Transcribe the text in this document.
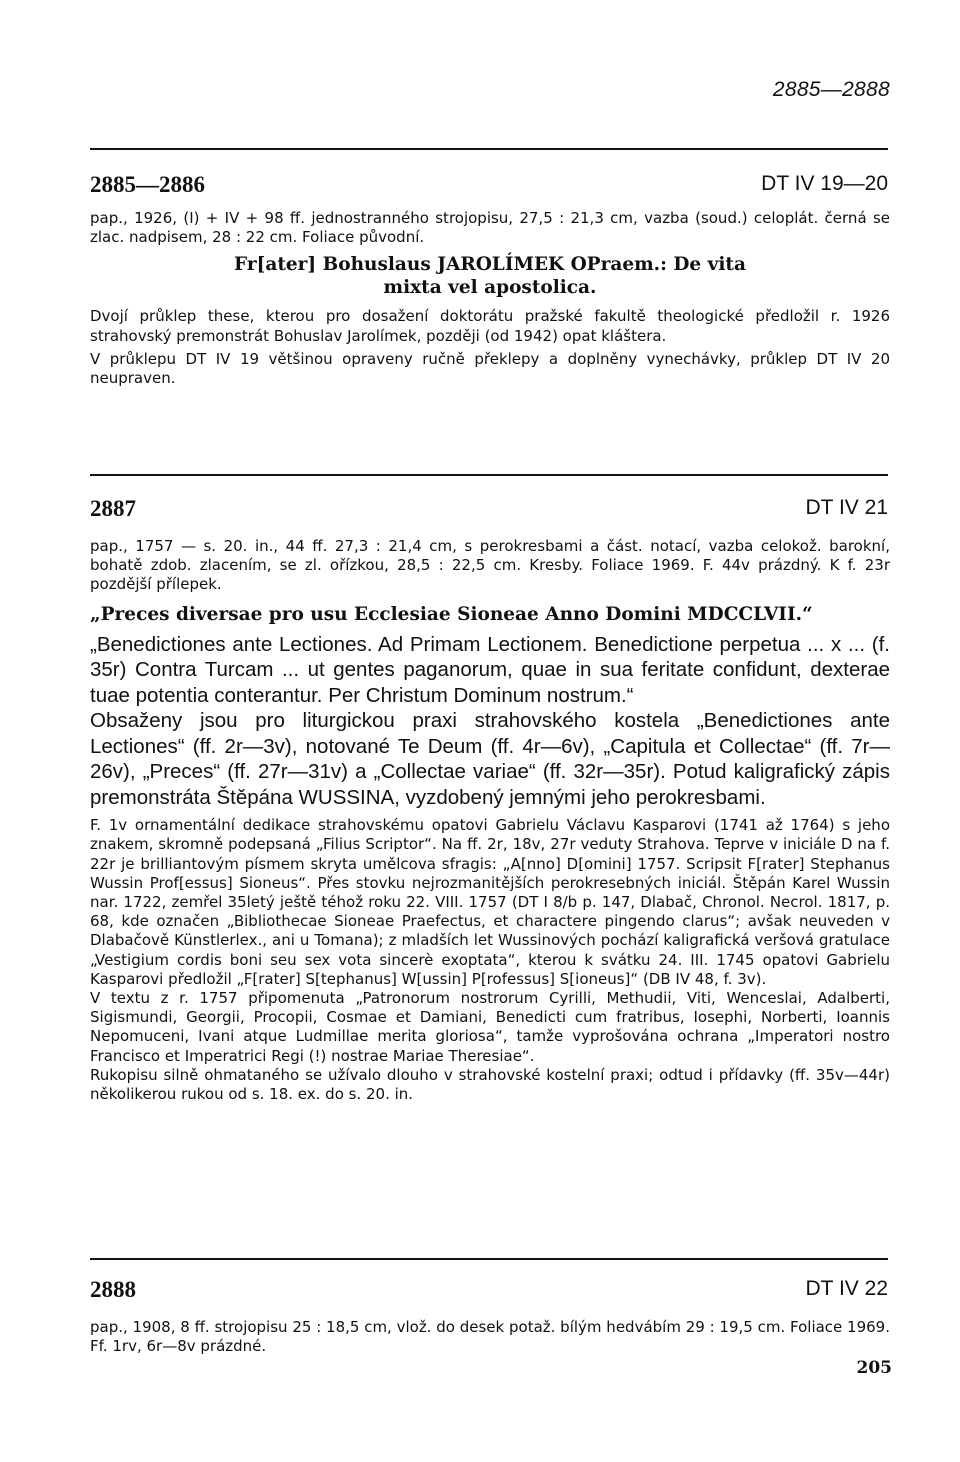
2885—2888
2885—2886	DT IV 19—20

pap., 1926, (I) + IV + 98 ff. jednostranného strojopisu, 27,5 : 21,3 cm, vazba (soud.) celoplát. černá se zlac. nadpisem, 28 : 22 cm. Foliace původní.

Fr[ater] Bohuslaus JAROLÍMEK OPraem.: De vita mixta vel apostolica.

Dvojí průklep these, kterou pro dosažení doktorátu pražské fakultě theologické předložil r. 1926 strahovský premonstrát Bohuslav Jarolímek, později (od 1942) opat kláštera.

V průklepu DT IV 19 většinou opraveny ručně překlepy a doplněny vynechávky, průklep DT IV 20 neupraven.

2887	DT IV 21

pap., 1757 — s. 20. in., 44 ff. 27,3 : 21,4 cm, s perokresbami a část. notací, vazba celokož. barokní, bohatě zdob. zlacením, se zl. ořízkou, 28,5 : 22,5 cm. Kresby. Foliace 1969. F. 44v prázdný. K f. 23r pozdější přílepek.

„Preces diversae pro usu Ecclesiae Sioneae Anno Domini MDCCLVII.“

„Benedictiones ante Lectiones. Ad Primam Lectionem. Benedictione perpetua ... x ... (f. 35r) Contra Turcam ... ut gentes paganorum, quae in sua feritate confidunt, dexterae tuae potentia conterantur. Per Christum Dominum nostrum.“

Obsaženy jsou pro liturgickou praxi strahovského kostela „Benedictiones ante Lectiones“ (ff. 2r—3v), notované Te Deum (ff. 4r—6v), „Capitula et Collectae“ (ff. 7r—26v), „Preces“ (ff. 27r—31v) a „Collectae variae“ (ff. 32r—35r). Potud kaligrafický zápis premonstráta Štěpána WUSSINA, vyzdobený jemnými jeho perokresbami.

F. 1v ornamentální dedikace strahovskému opatovi Gabrielu Václavu Kasparovi (1741 až 1764) s jeho znakem, skromně podepsaná „Filius Scriptor“. Na ff. 2r, 18v, 27r veduty Strahova. Teprve v iniciále D na f. 22r je brilliantovým písmem skryta umělcova sfragis: „A[nno] D[omini] 1757. Scripsit F[rater] Stephanus Wussin Prof[essus] Sioneus“. Přes stovku nejrozmanitějších perokresebných iniciál. Štěpán Karel Wussin nar. 1722, zemřel 35letý ještě téhož roku 22. VIII. 1757 (DT I 8/b p. 147, Dlabač, Chronol. Necrol. 1817, p. 68, kde označen „Bibliothecae Sioneae Praefectus, et characterе pingendo clarus“; avšak neuveden v Dlabačově Künstlerlex., ani u Tomana); z mladších let Wussinových pochází kaligrafická veršová gratulace „Vestigium cordis boni seu sex vota sincerè exoptata“, kterou k svátku 24. III. 1745 opatovi Gabrielu Kasparovi předložil „F[rater] S[tephanus] W[ussin] P[rofessus] S[ioneus]“ (DB IV 48, f. 3v).

V textu z r. 1757 připomenuta „Patronorum nostrorum Cyrilli, Methudii, Viti, Wenceslai, Adalberti, Sigismundi, Georgii, Procopii, Cosmae et Damiani, Benedicti cum fratribus, Iosephi, Norberti, Ioannis Nepomuceni, Ivani atque Ludmillae merita gloriosa“, tamže vyprošována ochrana „Imperatori nostro Francisco et Imperatrici Regi (!) nostrae Mariae Theresiae“.

Rukopisu silně ohmataného se užívalo dlouho v strahovské kostelní praxi; odtud i přídavky (ff. 35v—44r) několikerou rukou od s. 18. ex. do s. 20. in.

2888	DT IV 22

pap., 1908, 8 ff. strojopisu 25 : 18,5 cm, vlož. do desek potaž. bílým hedvábím 29 : 19,5 cm. Foliace 1969. Ff. 1rv, 6r—8v prázdné.

205
